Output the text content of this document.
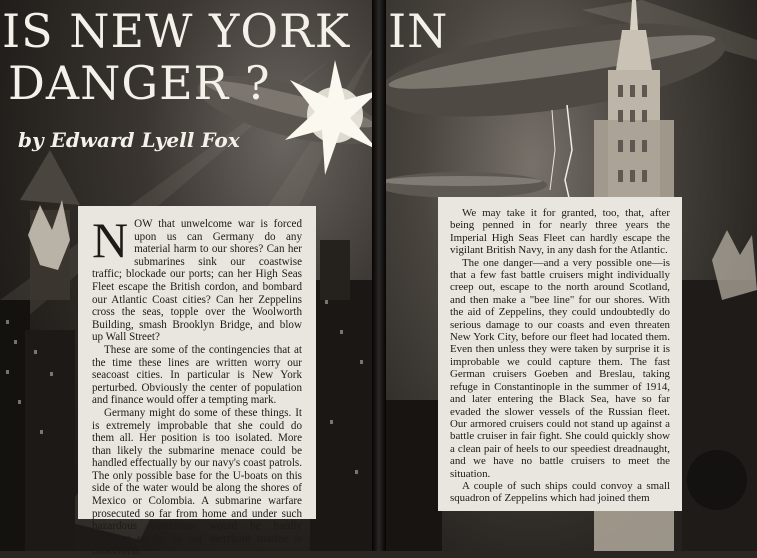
IS NEW YORK
DANGER ?
by Edward Lyell Fox

NOW that unwelcome war is forced upon us can Germany do any material harm to our shores? Can her submarines sink our coastwise traffic; blockade our ports; can her High Seas Fleet escape the British cordon, and bombard our Atlantic Coast cities? Can her Zeppelins cross the seas, topple over the Woolworth Building, smash Brooklyn Bridge, and blow up Wall Street?

These are some of the contingencies that at the time these lines are written worry our seacoast cities. In particular is New York perturbed. Obviously the center of population and finance would offer a tempting mark.

Germany might do some of these things. It is extremely improbable that she could do them all. Her position is too isolated. More than likely the submarine menace could be handled effectually by our navy's coast patrols. The only possible base for the U-boats on this side of the water would be along the shores of Mexico or Colombia. A submarine warfare prosecuted so far from home and under such hazardous conditions would be hardly effective so far as our merchant marine is concerned.

IN

We may take it for granted, too, that, after being penned in for nearly three years the Imperial High Seas Fleet can hardly escape the vigilant British Navy, in any dash for the Atlantic.

The one danger—and a very possible one—is that a few fast battle cruisers might individually creep out, escape to the north around Scotland, and then make a "bee line" for our shores. With the aid of Zeppelins, they could undoubtedly do serious damage to our coasts and even threaten New York City, before our fleet had located them. Even then unless they were taken by surprise it is improbable we could capture them. The fast German cruisers Goeben and Breslau, taking refuge in Constantinople in the summer of 1914, and later entering the Black Sea, have so far evaded the slower vessels of the Russian fleet. Our armored cruisers could not stand up against a battle cruiser in fair fight. She could quickly show a clean pair of heels to our speediest dreadnaught, and we have no battle cruisers to meet the situation.

A couple of such ships could convoy a small squadron of Zeppelins which had joined them
